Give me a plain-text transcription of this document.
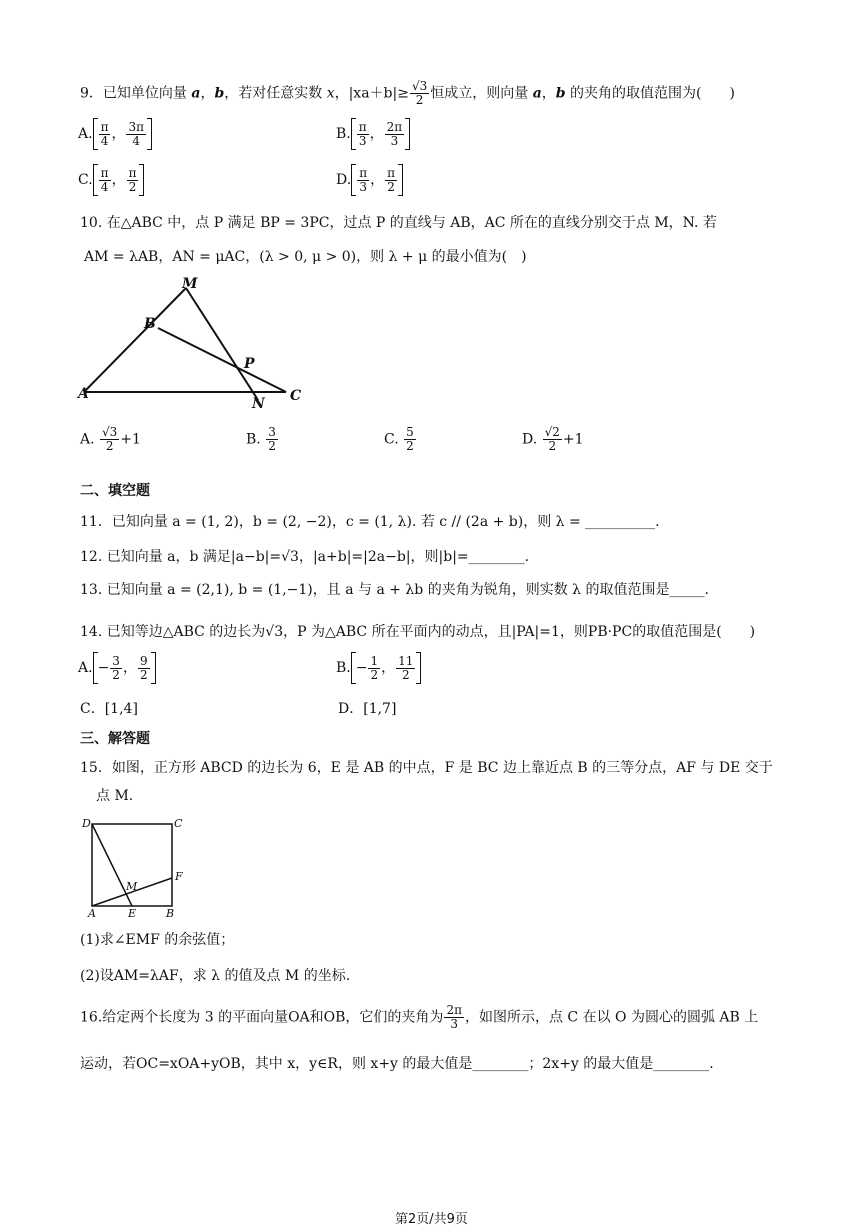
9．已知单位向量 a，b，若对任意实数 x，$|xa+b|\ge \frac{√3}{2}$ 恒成立，则向量 a，b 的夹角的取值范围为(　　)
A. $\frac{\pi}{4}$ ， $\frac{3\pi}{4}$	B. $\frac{\pi}{3}$ ， $\frac{2\pi}{3}$
C. $\frac{\pi}{4}$ ， $\frac{\pi}{2}$	D. $\frac{\pi}{3}$ ， $\frac{\pi}{2}$
10. 在△ABC 中，点 P 满足 BP = 3PC，过点 P 的直线与 AB，AC 所在的直线分别交于点 M，N. 若
AM = λAB，AN = μAC，(λ > 0, μ > 0)，则 λ + μ 的最小值为(　)
M
B
P
A
N C
A. $\frac{√3}{2} +1$	B. $\frac{3}{2}$	C. $\frac{5}{2}$	D. $\frac{√2}{2} +1$
二、填空题
11．已知向量 a = (1, 2)，b = (2, −2)，c = (1, λ). 若 c // (2a + b)，则 λ = __________.
12. 已知向量 a，b 满足|a−b|=√3，|a+b|=|2a−b|，则|b|=________.
13. 已知向量 a = (2,1), b = (1,−1)，且 a 与 a + λb 的夹角为锐角，则实数 λ 的取值范围是_____.
14. 已知等边△ABC 的边长为√3，P 为△ABC 所在平面内的动点，且|PA|=1，则PB·PC的取值范围是(　　)
A. − $\frac{3}{2}$ ， $\frac{9}{2}$	B. − $\frac{1}{2}$ ， $\frac{11}{2}$
C．[1,4]	D．[1,7]
三、解答题
15．如图，正方形 ABCD 的边长为 6，E 是 AB 的中点，F 是 BC 边上靠近点 B 的三等分点，AF 与 DE 交于
点 M.
D	C
M
F
A	E	B
(1)求∠EMF 的余弦值；
(2)设AM=λAF，求 λ 的值及点 M 的坐标.
16.给定两个长度为 3 的平面向量OA和OB，它们的夹角为 $\frac{2\pi}{3}$ ，如图所示，点 C 在以 O 为圆心的圆弧 AB 上
运动，若OC=xOA+yOB，其中 x，y∈R，则 x+y 的最大值是________；2x+y 的最大值是________.
第2页/共9页
